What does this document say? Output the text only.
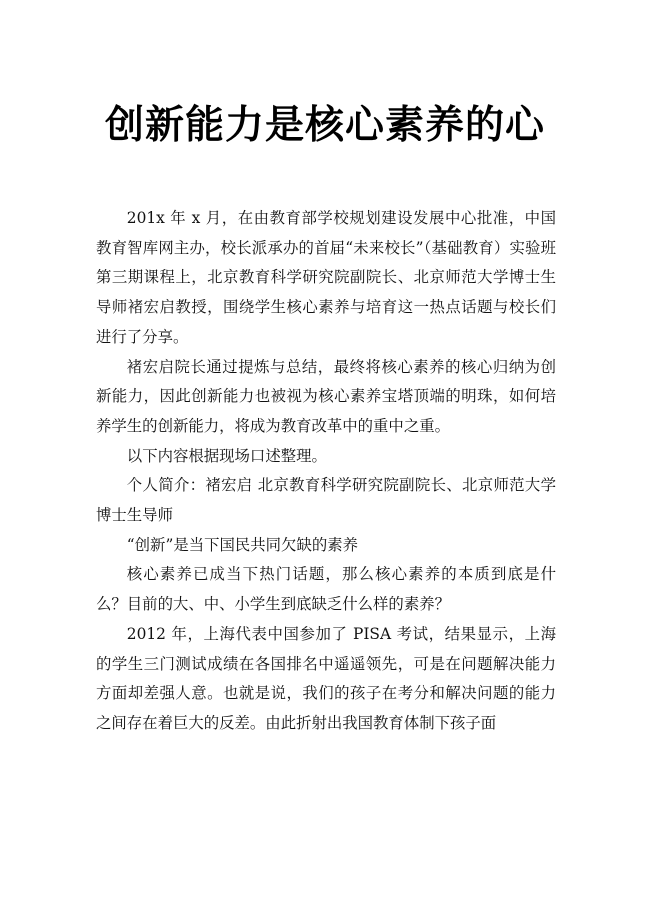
创新能力是核心素养的心

201x 年 x 月，在由教育部学校规划建设发展中心批准，中国教育智库网主办，校长派承办的首届“未来校长”（基础教育）实验班第三期课程上，北京教育科学研究院副院长、北京师范大学博士生导师褚宏启教授，围绕学生核心素养与培育这一热点话题与校长们进行了分享。

褚宏启院长通过提炼与总结，最终将核心素养的核心归纳为创新能力，因此创新能力也被视为核心素养宝塔顶端的明珠，如何培养学生的创新能力，将成为教育改革中的重中之重。

以下内容根据现场口述整理。

个人简介：褚宏启 北京教育科学研究院副院长、北京师范大学博士生导师

“创新”是当下国民共同欠缺的素养

核心素养已成当下热门话题，那么核心素养的本质到底是什么？目前的大、中、小学生到底缺乏什么样的素养？

2012 年，上海代表中国参加了 PISA 考试，结果显示，上海的学生三门测试成绩在各国排名中遥遥领先，可是在问题解决能力方面却差强人意。也就是说，我们的孩子在考分和解决问题的能力之间存在着巨大的反差。由此折射出我国教育体制下孩子面
